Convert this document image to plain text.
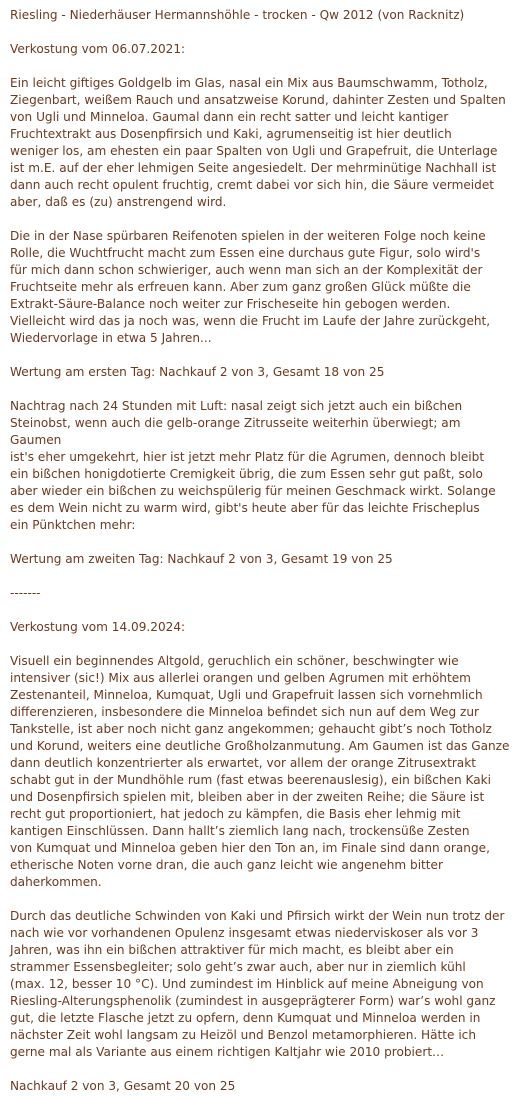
Riesling - Niederhäuser Hermannshöhle - trocken - Qw 2012 (von Racknitz)

Verkostung vom 06.07.2021:

Ein leicht giftiges Goldgelb im Glas, nasal ein Mix aus Baumschwamm, Totholz,
Ziegenbart, weißem Rauch und ansatzweise Korund, dahinter Zesten und Spalten
von Ugli und Minneloa. Gaumal dann ein recht satter und leicht kantiger
Fruchtextrakt aus Dosenpfirsich und Kaki, agrumenseitig ist hier deutlich
weniger los, am ehesten ein paar Spalten von Ugli und Grapefruit, die Unterlage
ist m.E. auf der eher lehmigen Seite angesiedelt. Der mehrminütige Nachhall ist
dann auch recht opulent fruchtig, cremt dabei vor sich hin, die Säure vermeidet
aber, daß es (zu) anstrengend wird.

Die in der Nase spürbaren Reifenoten spielen in der weiteren Folge noch keine
Rolle, die Wuchtfrucht macht zum Essen eine durchaus gute Figur, solo wird's
für mich dann schon schwieriger, auch wenn man sich an der Komplexität der
Fruchtseite mehr als erfreuen kann. Aber zum ganz großen Glück müßte die
Extrakt-Säure-Balance noch weiter zur Frischeseite hin gebogen werden.
Vielleicht wird das ja noch was, wenn die Frucht im Laufe der Jahre zurückgeht,
Wiedervorlage in etwa 5 Jahren...

Wertung am ersten Tag: Nachkauf 2 von 3, Gesamt 18 von 25

Nachtrag nach 24 Stunden mit Luft: nasal zeigt sich jetzt auch ein bißchen
Steinobst, wenn auch die gelb-orange Zitrusseite weiterhin überwiegt; am Gaumen
ist's eher umgekehrt, hier ist jetzt mehr Platz für die Agrumen, dennoch bleibt
ein bißchen honigdotierte Cremigkeit übrig, die zum Essen sehr gut paßt, solo
aber wieder ein bißchen zu weichspülerig für meinen Geschmack wirkt. Solange
es dem Wein nicht zu warm wird, gibt's heute aber für das leichte Frischeplus
ein Pünktchen mehr:

Wertung am zweiten Tag: Nachkauf 2 von 3, Gesamt 19 von 25

-------

Verkostung vom 14.09.2024:

Visuell ein beginnendes Altgold, geruchlich ein schöner, beschwingter wie
intensiver (sic!) Mix aus allerlei orangen und gelben Agrumen mit erhöhtem
Zestenanteil, Minneloa, Kumquat, Ugli und Grapefruit lassen sich vornehmlich
differenzieren, insbesondere die Minneloa befindet sich nun auf dem Weg zur
Tankstelle, ist aber noch nicht ganz angekommen; gehaucht gibt’s noch Totholz
und Korund, weiters eine deutliche Großholzanmutung. Am Gaumen ist das Ganze
dann deutlich konzentrierter als erwartet, vor allem der orange Zitrusextrakt
schabt gut in der Mundhöhle rum (fast etwas beerenauslesig), ein bißchen Kaki
und Dosenpfirsich spielen mit, bleiben aber in der zweiten Reihe; die Säure ist
recht gut proportioniert, hat jedoch zu kämpfen, die Basis eher lehmig mit
kantigen Einschlüssen. Dann hallt’s ziemlich lang nach, trockensüße Zesten
von Kumquat und Minneloa geben hier den Ton an, im Finale sind dann orange,
etherische Noten vorne dran, die auch ganz leicht wie angenehm bitter
daherkommen.

Durch das deutliche Schwinden von Kaki und Pfirsich wirkt der Wein nun trotz der
nach wie vor vorhandenen Opulenz insgesamt etwas niederviskoser als vor 3
Jahren, was ihn ein bißchen attraktiver für mich macht, es bleibt aber ein
strammer Essensbegleiter; solo geht’s zwar auch, aber nur in ziemlich kühl
(max. 12, besser 10 °C). Und zumindest im Hinblick auf meine Abneigung von
Riesling-Alterungsphenolik (zumindest in ausgeprägterer Form) war’s wohl ganz
gut, die letzte Flasche jetzt zu opfern, denn Kumquat und Minneloa werden in
nächster Zeit wohl langsam zu Heizöl und Benzol metamorphieren. Hätte ich
gerne mal als Variante aus einem richtigen Kaltjahr wie 2010 probiert…

Nachkauf 2 von 3, Gesamt 20 von 25
